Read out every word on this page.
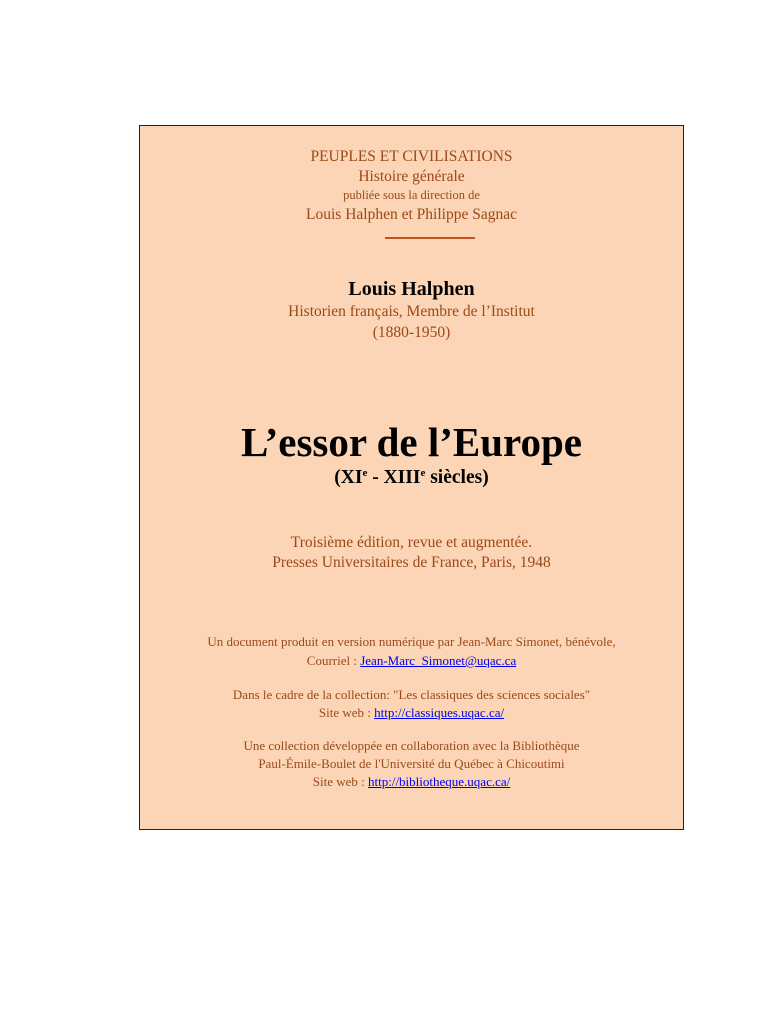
PEUPLES ET CIVILISATIONS
Histoire générale
publiée sous la direction de
Louis Halphen et Philippe Sagnac
Louis Halphen
Historien français, Membre de l’Institut
(1880-1950)
L’essor de l’Europe
(XIe - XIIIe siècles)
Troisième édition, revue et augmentée.
Presses Universitaires de France, Paris, 1948
Un document produit en version numérique par Jean-Marc Simonet, bénévole,
Courriel : Jean-Marc_Simonet@uqac.ca
Dans le cadre de la collection: "Les classiques des sciences sociales"
Site web : http://classiques.uqac.ca/
Une collection développée en collaboration avec la Bibliothèque
Paul-Émile-Boulet de l'Université du Québec à Chicoutimi
Site web : http://bibliotheque.uqac.ca/
